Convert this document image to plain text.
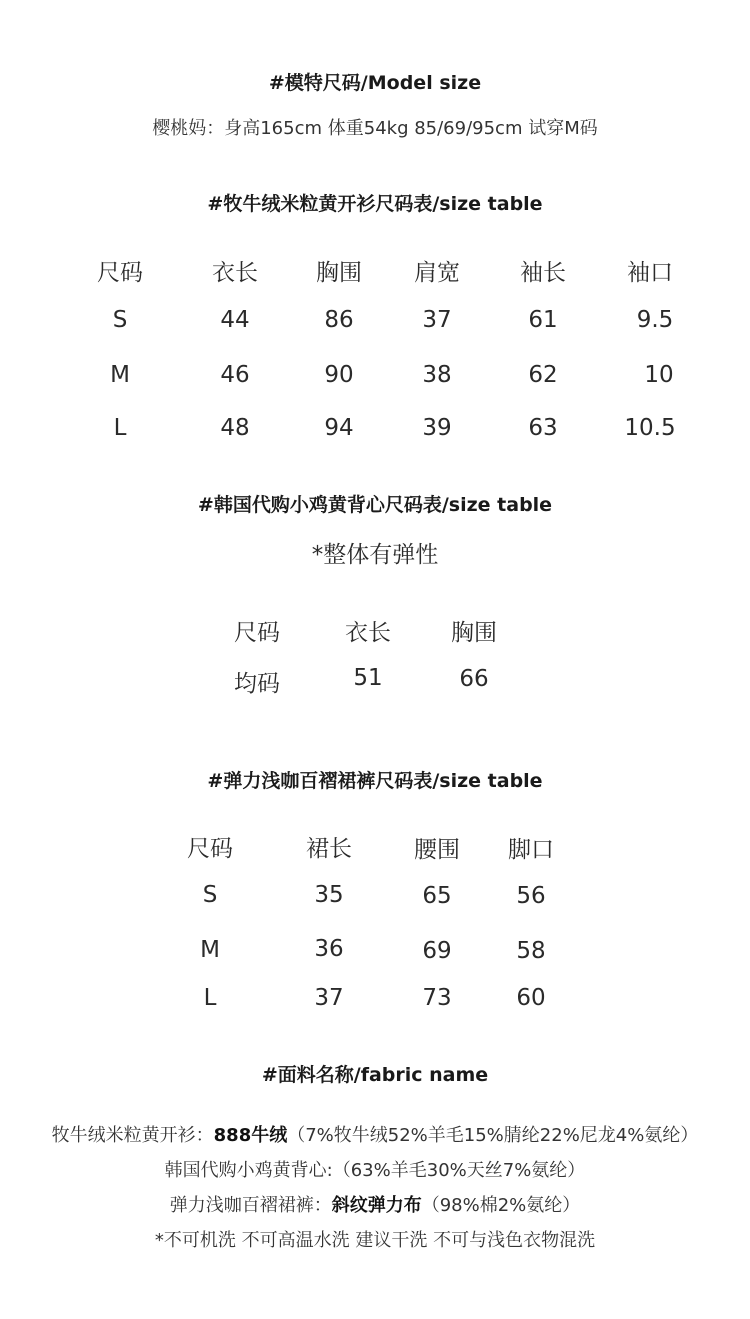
#模特尺码/Model size
樱桃妈：身高165cm 体重54kg 85/69/95cm 试穿M码
#牧牛绒米粒黄开衫尺码表/size table
尺码	衣长	胸围	肩宽	袖长	袖口
S	44	86	37	61	9.5
M	46	90	38	62	10
L	48	94	39	63	10.5
#韩国代购小鸡黄背心尺码表/size table
*整体有弹性
尺码	衣长	胸围
均码	51	66
#弹力浅咖百褶裙裤尺码表/size table
尺码	裙长	腰围	脚口
S	35	65	56
M	36	69	58
L	37	73	60
#面料名称/fabric name
牧牛绒米粒黄开衫：888牛绒（7%牧牛绒52%羊毛15%腈纶22%尼龙4%氨纶）
韩国代购小鸡黄背心:（63%羊毛30%天丝7%氨纶）
弹力浅咖百褶裙裤：斜纹弹力布（98%棉2%氨纶）
*不可机洗 不可高温水洗 建议干洗 不可与浅色衣物混洗
